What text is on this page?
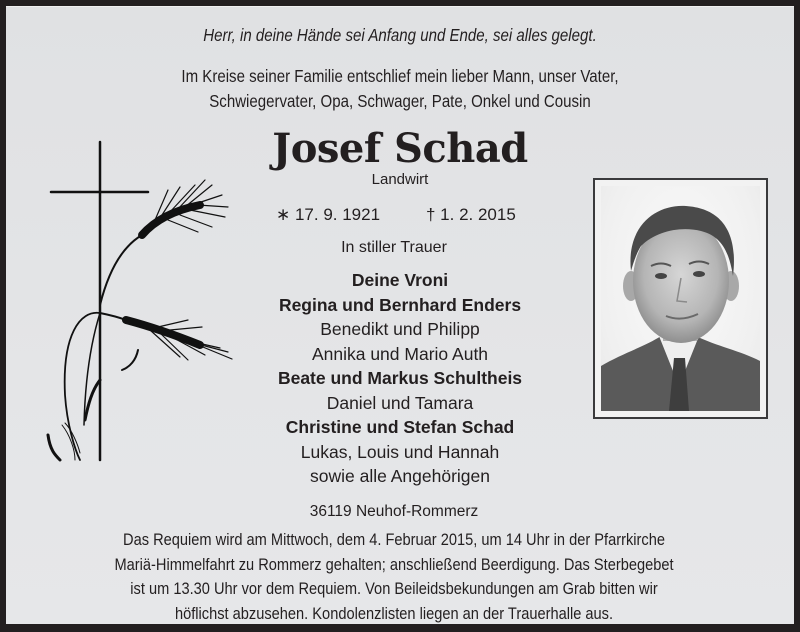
Herr, in deine Hände sei Anfang und Ende, sei alles gelegt.
Im Kreise seiner Familie entschlief mein lieber Mann, unser Vater,
Schwiegervater, Opa, Schwager, Pate, Onkel und Cousin
Josef Schad
Landwirt
∗ 17. 9. 1921	† 1. 2. 2015
In stiller Trauer
Deine Vroni
Regina und Bernhard Enders
Benedikt und Philipp
Annika und Mario Auth
Beate und Markus Schultheis
Daniel und Tamara
Christine und Stefan Schad
Lukas, Louis und Hannah
sowie alle Angehörigen
36119 Neuhof-Rommerz
Das Requiem wird am Mittwoch, dem 4. Februar 2015, um 14 Uhr in der Pfarrkirche
Mariä-Himmelfahrt zu Rommerz gehalten; anschließend Beerdigung. Das Sterbegebet
ist um 13.30 Uhr vor dem Requiem. Von Beileidsbekundungen am Grab bitten wir
höflichst abzusehen. Kondolenzlisten liegen an der Trauerhalle aus.
